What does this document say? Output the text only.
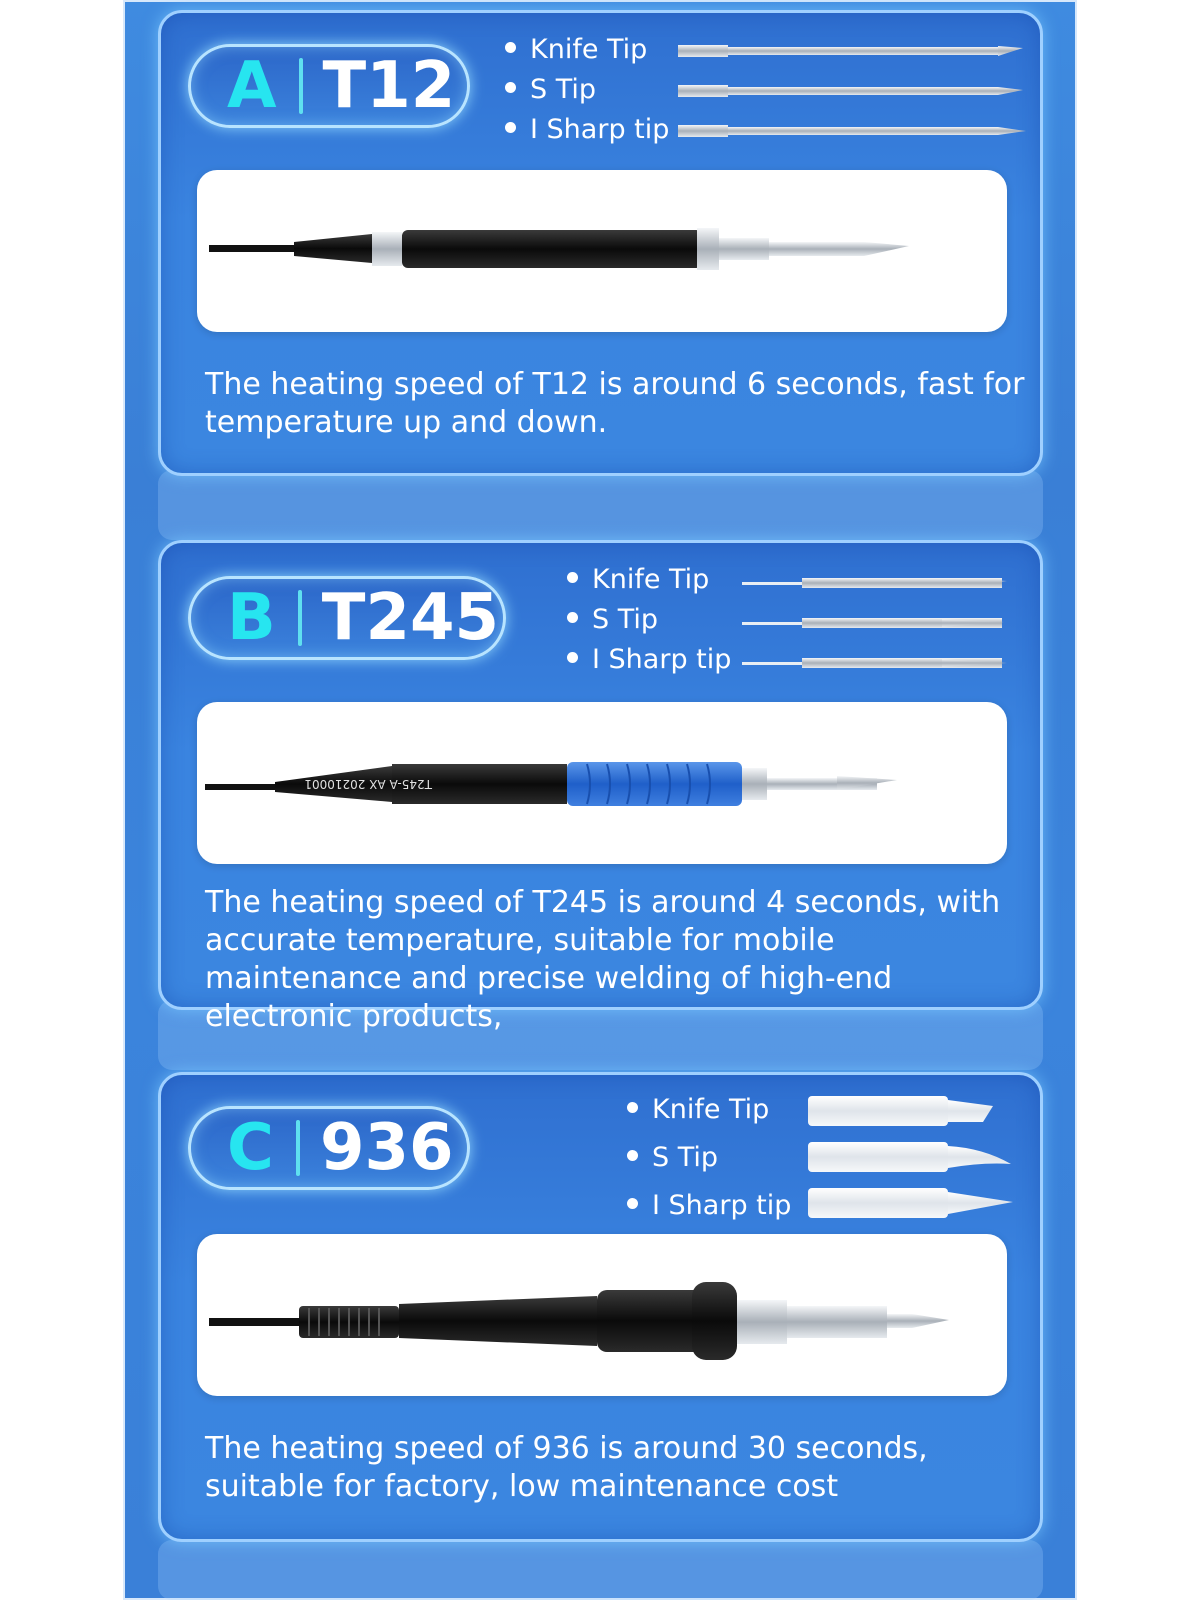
A T12	Knife Tip
S Tip
I Sharp tip
The heating speed of T12 is around 6 seconds, fast for temperature up and down.
B T245
Knife Tip
S Tip
I Sharp tip
T245-A AX 20210001
The heating speed of T245 is around 4 seconds, with accurate temperature, suitable for mobile maintenance and precise welding of high-end electronic products,
C 936
Knife Tip
S Tip
I Sharp tip
The heating speed of 936 is around 30 seconds, suitable for factory, low maintenance cost
